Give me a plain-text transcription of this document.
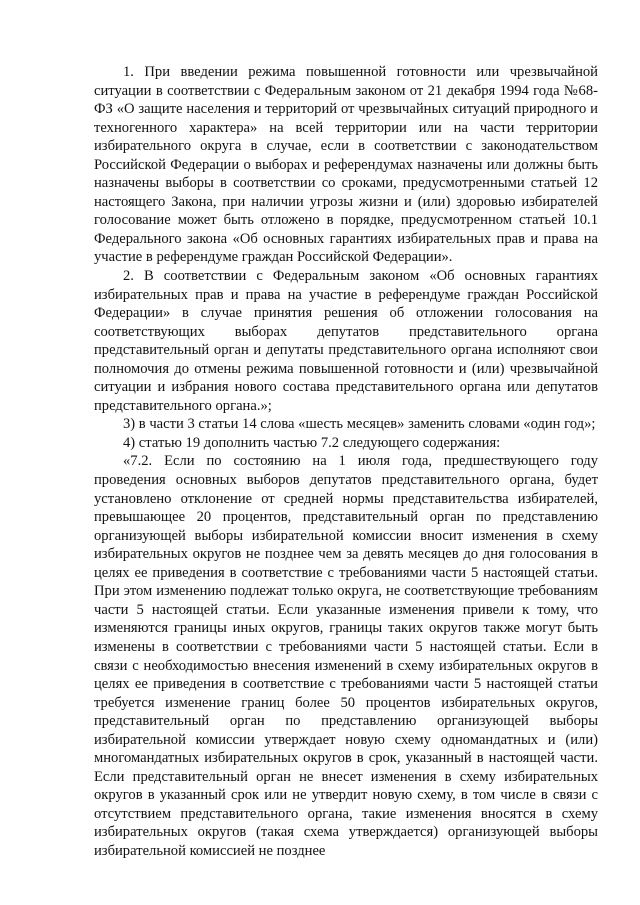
1. При введении режима повышенной готовности или чрезвычайной ситуации в соответствии с Федеральным законом от 21 декабря 1994 года №68-ФЗ «О защите населения и территорий от чрезвычайных ситуаций природного и техногенного характера» на всей территории или на части территории избирательного округа в случае, если в соответствии с законодательством Российской Федерации о выборах и референдумах назначены или должны быть назначены выборы в соответствии со сроками, предусмотренными статьей 12 настоящего Закона, при наличии угрозы жизни и (или) здоровью избирателей голосование может быть отложено в порядке, предусмотренном статьей 10.1 Федерального закона «Об основных гарантиях избирательных прав и права на участие в референдуме граждан Российской Федерации».

2. В соответствии с Федеральным законом «Об основных гарантиях избирательных прав и права на участие в референдуме граждан Российской Федерации» в случае принятия решения об отложении голосования на соответствующих выборах депутатов представительного органа представительный орган и депутаты представительного органа исполняют свои полномочия до отмены режима повышенной готовности и (или) чрезвычайной ситуации и избрания нового состава представительного органа или депутатов представительного органа.»;

3) в части 3 статьи 14 слова «шесть месяцев» заменить словами «один год»;

4) статью 19 дополнить частью 7.2 следующего содержания:

«7.2. Если по состоянию на 1 июля года, предшествующего году проведения основных выборов депутатов представительного органа, будет установлено отклонение от средней нормы представительства избирателей, превышающее 20 процентов, представительный орган по представлению организующей выборы избирательной комиссии вносит изменения в схему избирательных округов не позднее чем за девять месяцев до дня голосования в целях ее приведения в соответствие с требованиями части 5 настоящей статьи. При этом изменению подлежат только округа, не соответствующие требованиям части 5 настоящей статьи. Если указанные изменения привели к тому, что изменяются границы иных округов, границы таких округов также могут быть изменены в соответствии с требованиями части 5 настоящей статьи. Если в связи с необходимостью внесения изменений в схему избирательных округов в целях ее приведения в соответствие с требованиями части 5 настоящей статьи требуется изменение границ более 50 процентов избирательных округов, представительный орган по представлению организующей выборы избирательной комиссии утверждает новую схему одномандатных и (или) многомандатных избирательных округов в срок, указанный в настоящей части. Если представительный орган не внесет изменения в схему избирательных округов в указанный срок или не утвердит новую схему, в том числе в связи с отсутствием представительного органа, такие изменения вносятся в схему избирательных округов (такая схема утверждается) организующей выборы избирательной комиссией не позднее
